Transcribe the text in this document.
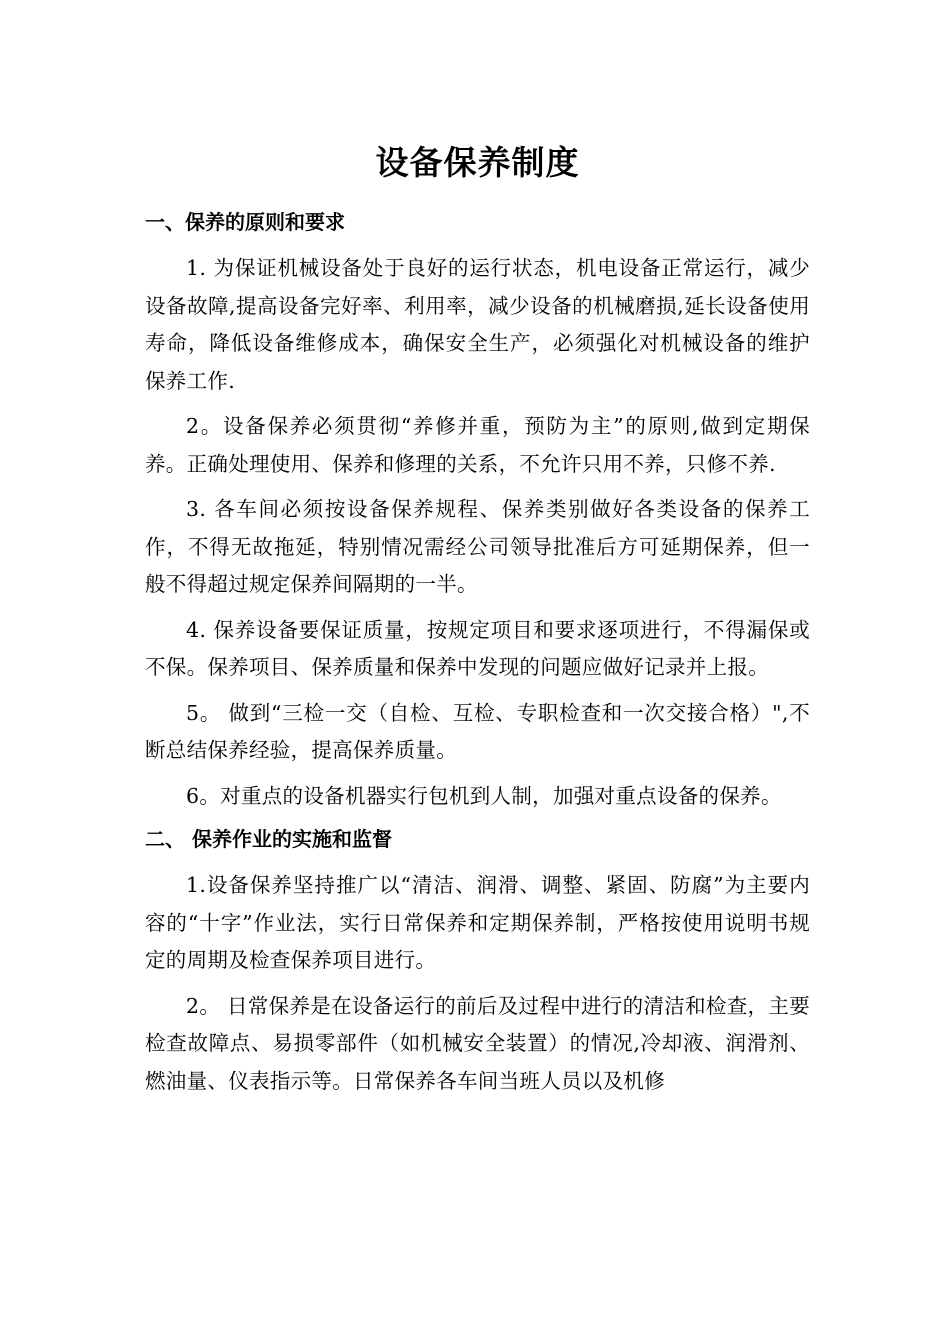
设备保养制度
一、保养的原则和要求

1. 为保证机械设备处于良好的运行状态，机电设备正常运行，减少设备故障,提高设备完好率、利用率，减少设备的机械磨损,延长设备使用寿命，降低设备维修成本，确保安全生产，必须强化对机械设备的维护保养工作.

2。设备保养必须贯彻“养修并重，预防为主”的原则,做到定期保养。正确处理使用、保养和修理的关系，不允许只用不养，只修不养.

3. 各车间必须按设备保养规程、保养类别做好各类设备的保养工作，不得无故拖延，特别情况需经公司领导批准后方可延期保养，但一般不得超过规定保养间隔期的一半。

4. 保养设备要保证质量，按规定项目和要求逐项进行，不得漏保或不保。保养项目、保养质量和保养中发现的问题应做好记录并上报。

5。 做到“三检一交（自检、互检、专职检查和一次交接合格）",不断总结保养经验，提高保养质量。

6。对重点的设备机器实行包机到人制，加强对重点设备的保养。

二、 保养作业的实施和监督

1.设备保养坚持推广以“清洁、润滑、调整、紧固、防腐”为主要内容的“十字”作业法，实行日常保养和定期保养制，严格按使用说明书规定的周期及检查保养项目进行。

2。 日常保养是在设备运行的前后及过程中进行的清洁和检查，主要检查故障点、易损零部件（如机械安全装置）的情况,冷却液、润滑剂、燃油量、仪表指示等。日常保养各车间当班人员以及机修
